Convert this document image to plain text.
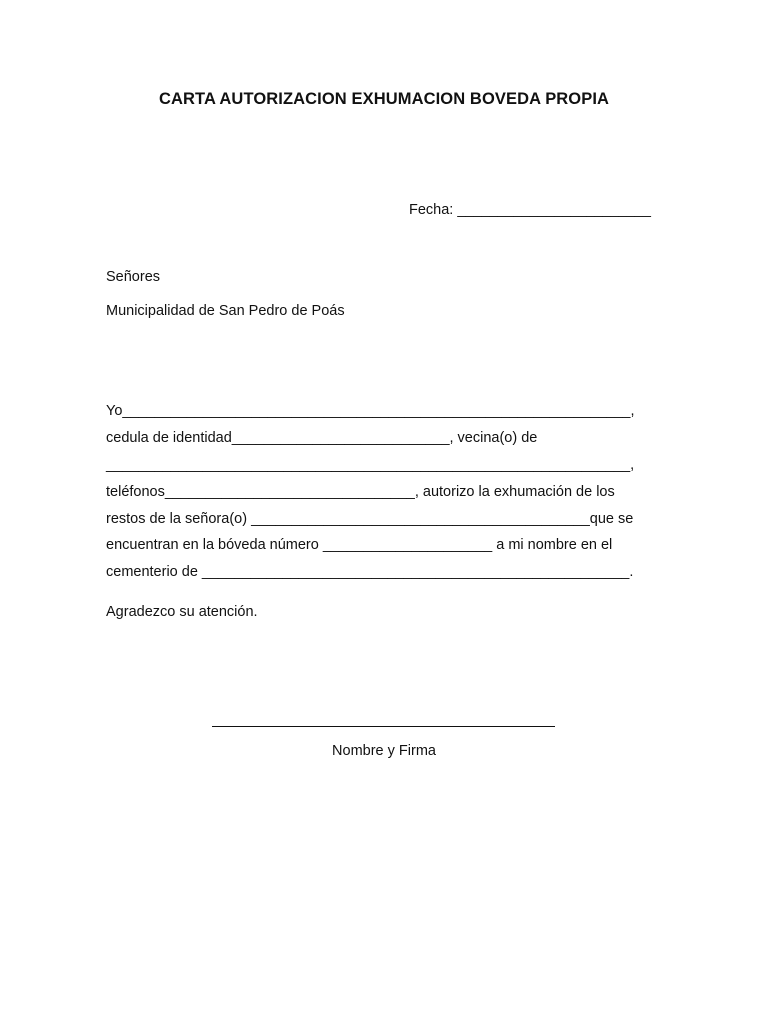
CARTA AUTORIZACION EXHUMACION BOVEDA PROPIA
Fecha: ________________________
Señores
Municipalidad de San Pedro de Poás
Yo_______________________________________________________________,
cedula de identidad___________________________, vecina(o) de
_________________________________________________________________,
teléfonos_______________________________, autorizo la exhumación de los
restos de la señora(o) __________________________________________que se
encuentran en la bóveda número _____________________ a mi nombre en el
cementerio de _____________________________________________________.
Agradezco su atención.
Nombre y Firma
